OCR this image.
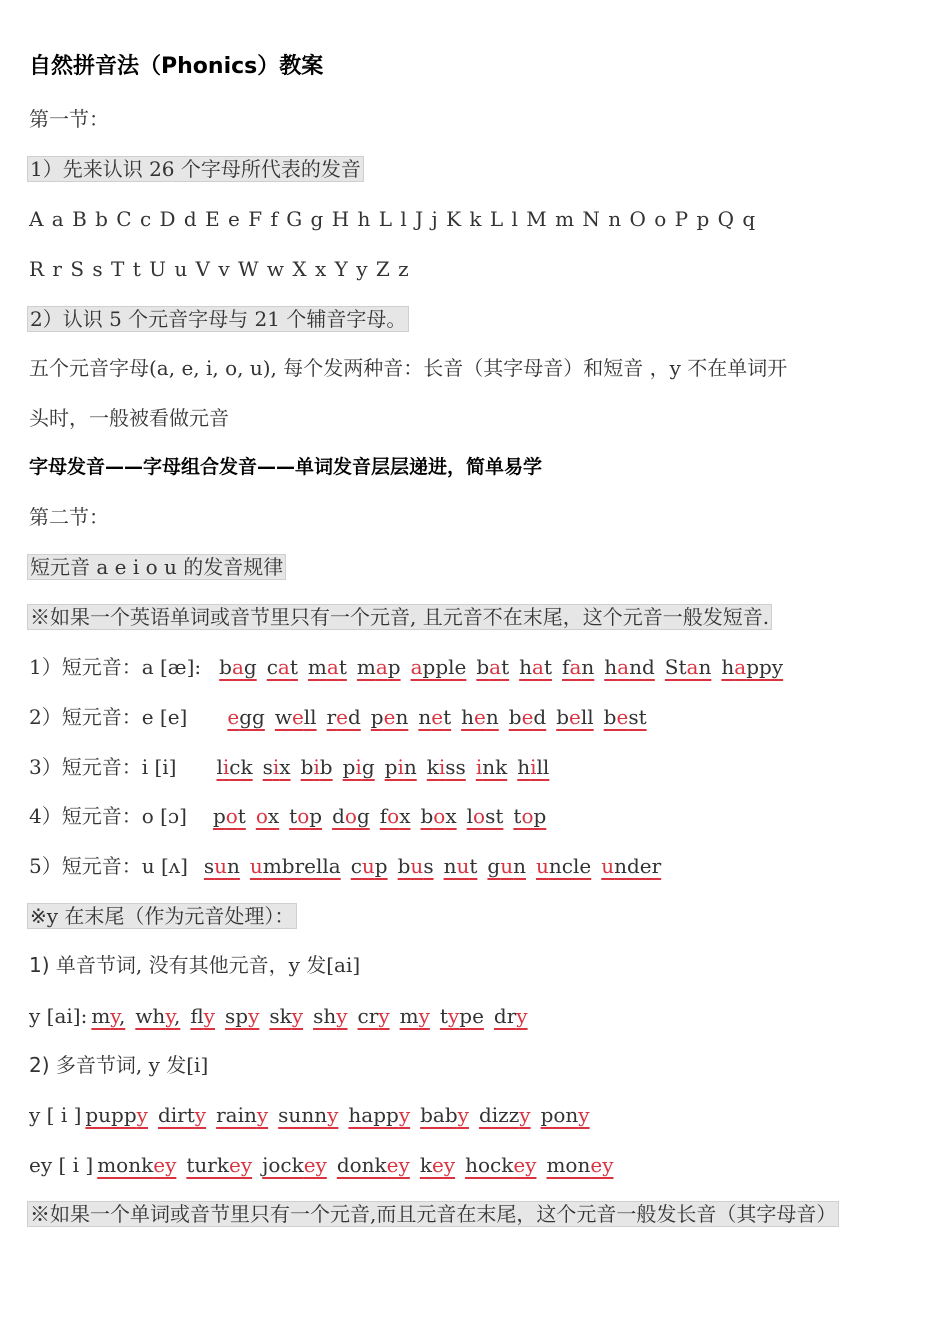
自然拼音法（Phonics）教案
第一节：
1）先来认识 26 个字母所代表的发音
A a B b C c D d E e F f G g H h L l J j K k L l M m N n O o P p Q q
R r S s T t U u V v W w X x Y y Z z
2）认识 5 个元音字母与 21 个辅音字母。
五个元音字母(a, e, i, o, u), 每个发两种音：长音（其字母音）和短音 ，y 不在单词开
头时，一般被看做元音
字母发音——字母组合发音——单词发音层层递进，简单易学
第二节：
短元音 a e i o u 的发音规律
※如果一个英语单词或音节里只有一个元音, 且元音不在末尾，这个元音一般发短音.
1）短元音：a [æ]: bag cat mat map apple bat hat fan hand Stan happy
2）短元音：e [e] egg well red pen net hen bed bell best
3）短元音：i [i] lick six bib pig pin kiss ink hill
4）短元音：o [ɔ] pot ox top dog fox box lost top
5）短元音：u [ʌ] sun umbrella cup bus nut gun uncle under
※y 在末尾（作为元音处理）：
1) 单音节词, 没有其他元音，y 发[ai]
y [ai]: my, why, fly spy sky shy cry my type dry
2) 多音节词, y 发[i]
y [ i ] puppy dirty rainy sunny happy baby dizzy pony
ey [ i ] monkey turkey jockey donkey key hockey money
※如果一个单词或音节里只有一个元音,而且元音在末尾，这个元音一般发长音（其字母音）
